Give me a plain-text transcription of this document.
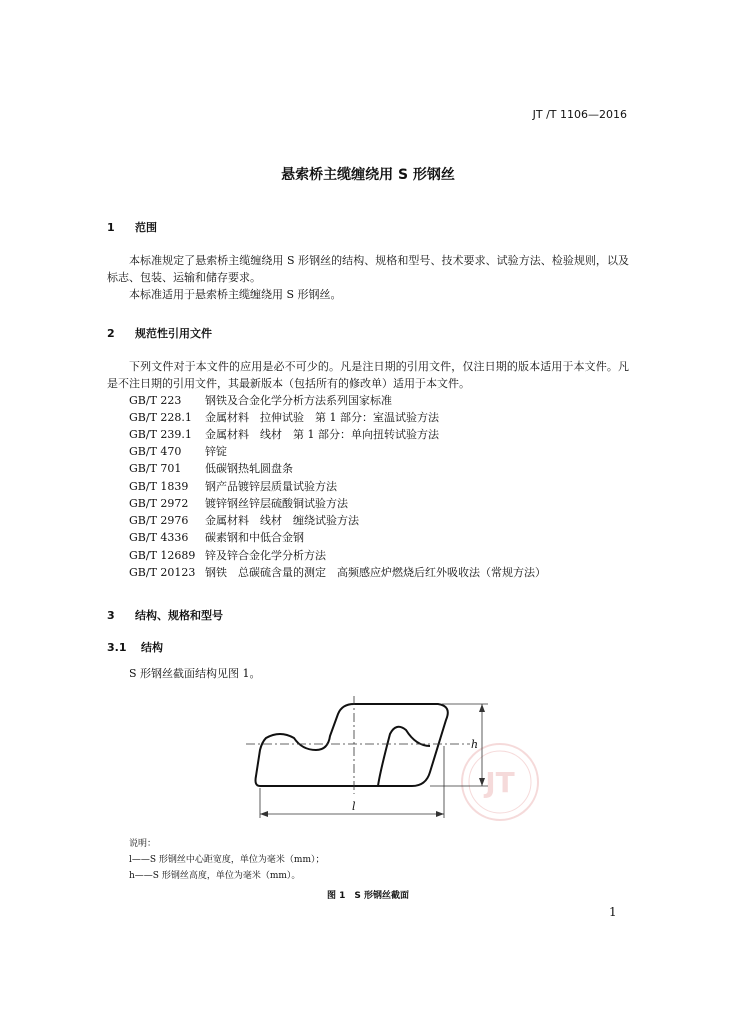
JT /T 1106—2016
悬索桥主缆缠绕用 S 形钢丝
1 范围
本标准规定了悬索桥主缆缠绕用 S 形钢丝的结构、规格和型号、技术要求、试验方法、检验规则，以及标志、包装、运输和储存要求。
本标准适用于悬索桥主缆缠绕用 S 形钢丝。
2 规范性引用文件
下列文件对于本文件的应用是必不可少的。凡是注日期的引用文件，仅注日期的版本适用于本文件。凡是不注日期的引用文件，其最新版本（包括所有的修改单）适用于本文件。
GB/T 223 钢铁及合金化学分析方法系列国家标准
GB/T 228.1 金属材料　拉伸试验　第 1 部分：室温试验方法
GB/T 239.1 金属材料　线材　第 1 部分：单向扭转试验方法
GB/T 470 锌锭
GB/T 701 低碳钢热轧圆盘条
GB/T 1839 钢产品镀锌层质量试验方法
GB/T 2972 镀锌钢丝锌层硫酸铜试验方法
GB/T 2976 金属材料　线材　缠绕试验方法
GB/T 4336 碳素钢和中低合金钢
GB/T 12689 锌及锌合金化学分析方法
GB/T 20123 钢铁　总碳硫含量的测定　高频感应炉燃烧后红外吸收法（常规方法）
3 结构、规格和型号
3.1 结构
S 形钢丝截面结构见图 1。
JT
h
l
说明：
l——S 形钢丝中心距宽度，单位为毫米（mm）；
h——S 形钢丝高度，单位为毫米（mm）。
图 1　S 形钢丝截面
1
